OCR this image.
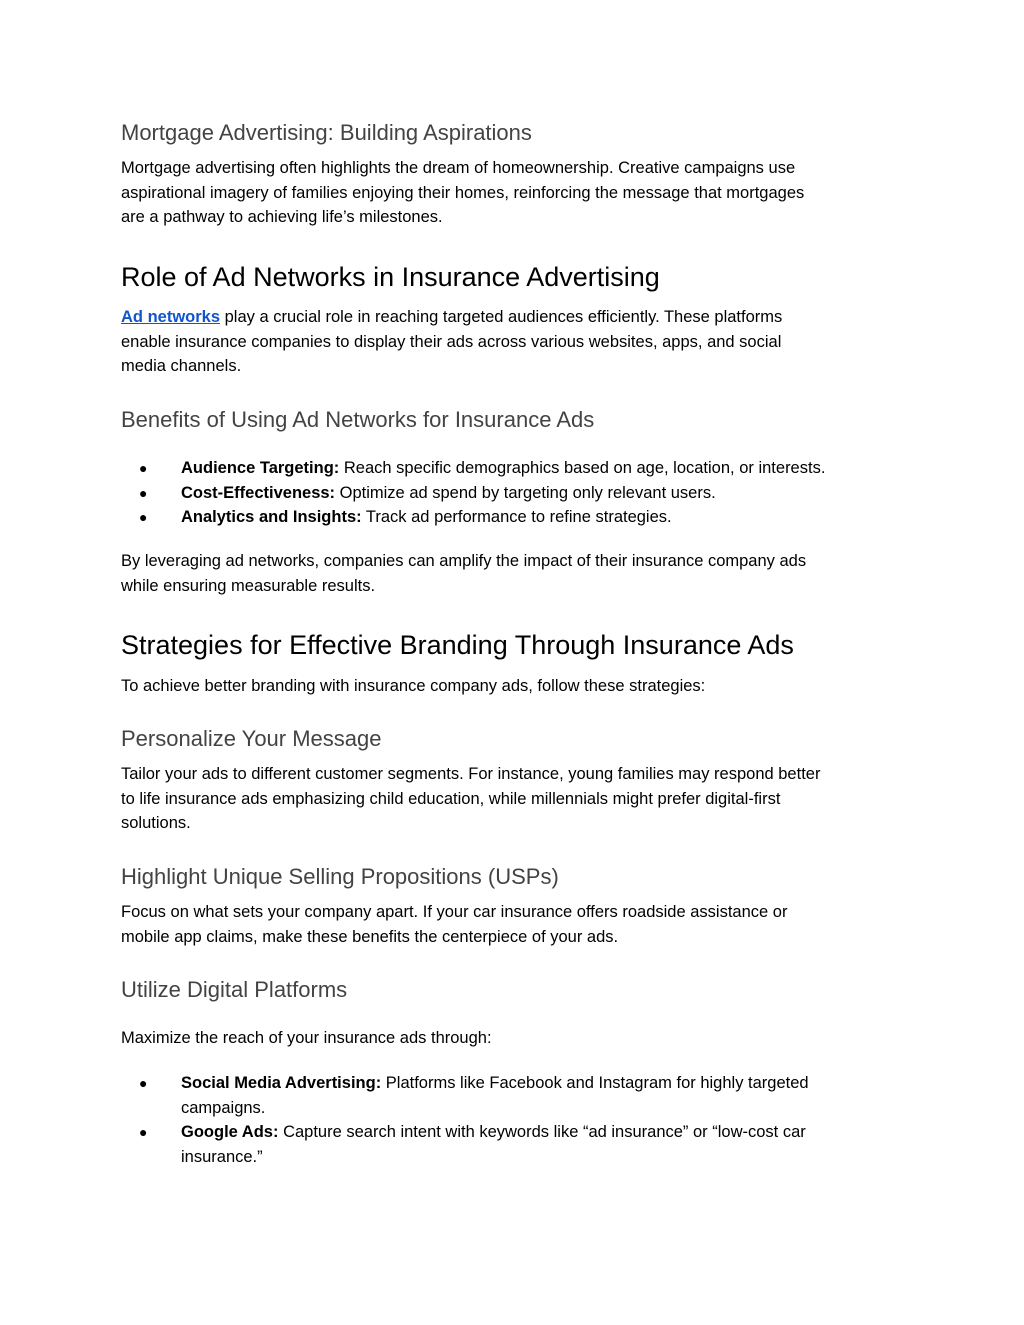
Mortgage Advertising: Building Aspirations
Mortgage advertising often highlights the dream of homeownership. Creative campaigns use
aspirational imagery of families enjoying their homes, reinforcing the message that mortgages
are a pathway to achieving life’s milestones.
Role of Ad Networks in Insurance Advertising
Ad networks play a crucial role in reaching targeted audiences efficiently. These platforms
enable insurance companies to display their ads across various websites, apps, and social
media channels.
Benefits of Using Ad Networks for Insurance Ads
● Audience Targeting: Reach specific demographics based on age, location, or interests.
● Cost-Effectiveness: Optimize ad spend by targeting only relevant users.
● Analytics and Insights: Track ad performance to refine strategies.
By leveraging ad networks, companies can amplify the impact of their insurance company ads
while ensuring measurable results.
Strategies for Effective Branding Through Insurance Ads
To achieve better branding with insurance company ads, follow these strategies:
Personalize Your Message
Tailor your ads to different customer segments. For instance, young families may respond better
to life insurance ads emphasizing child education, while millennials might prefer digital-first
solutions.
Highlight Unique Selling Propositions (USPs)
Focus on what sets your company apart. If your car insurance offers roadside assistance or
mobile app claims, make these benefits the centerpiece of your ads.
Utilize Digital Platforms
Maximize the reach of your insurance ads through:
● Social Media Advertising: Platforms like Facebook and Instagram for highly targeted
campaigns.
● Google Ads: Capture search intent with keywords like “ad insurance” or “low-cost car
insurance.”
